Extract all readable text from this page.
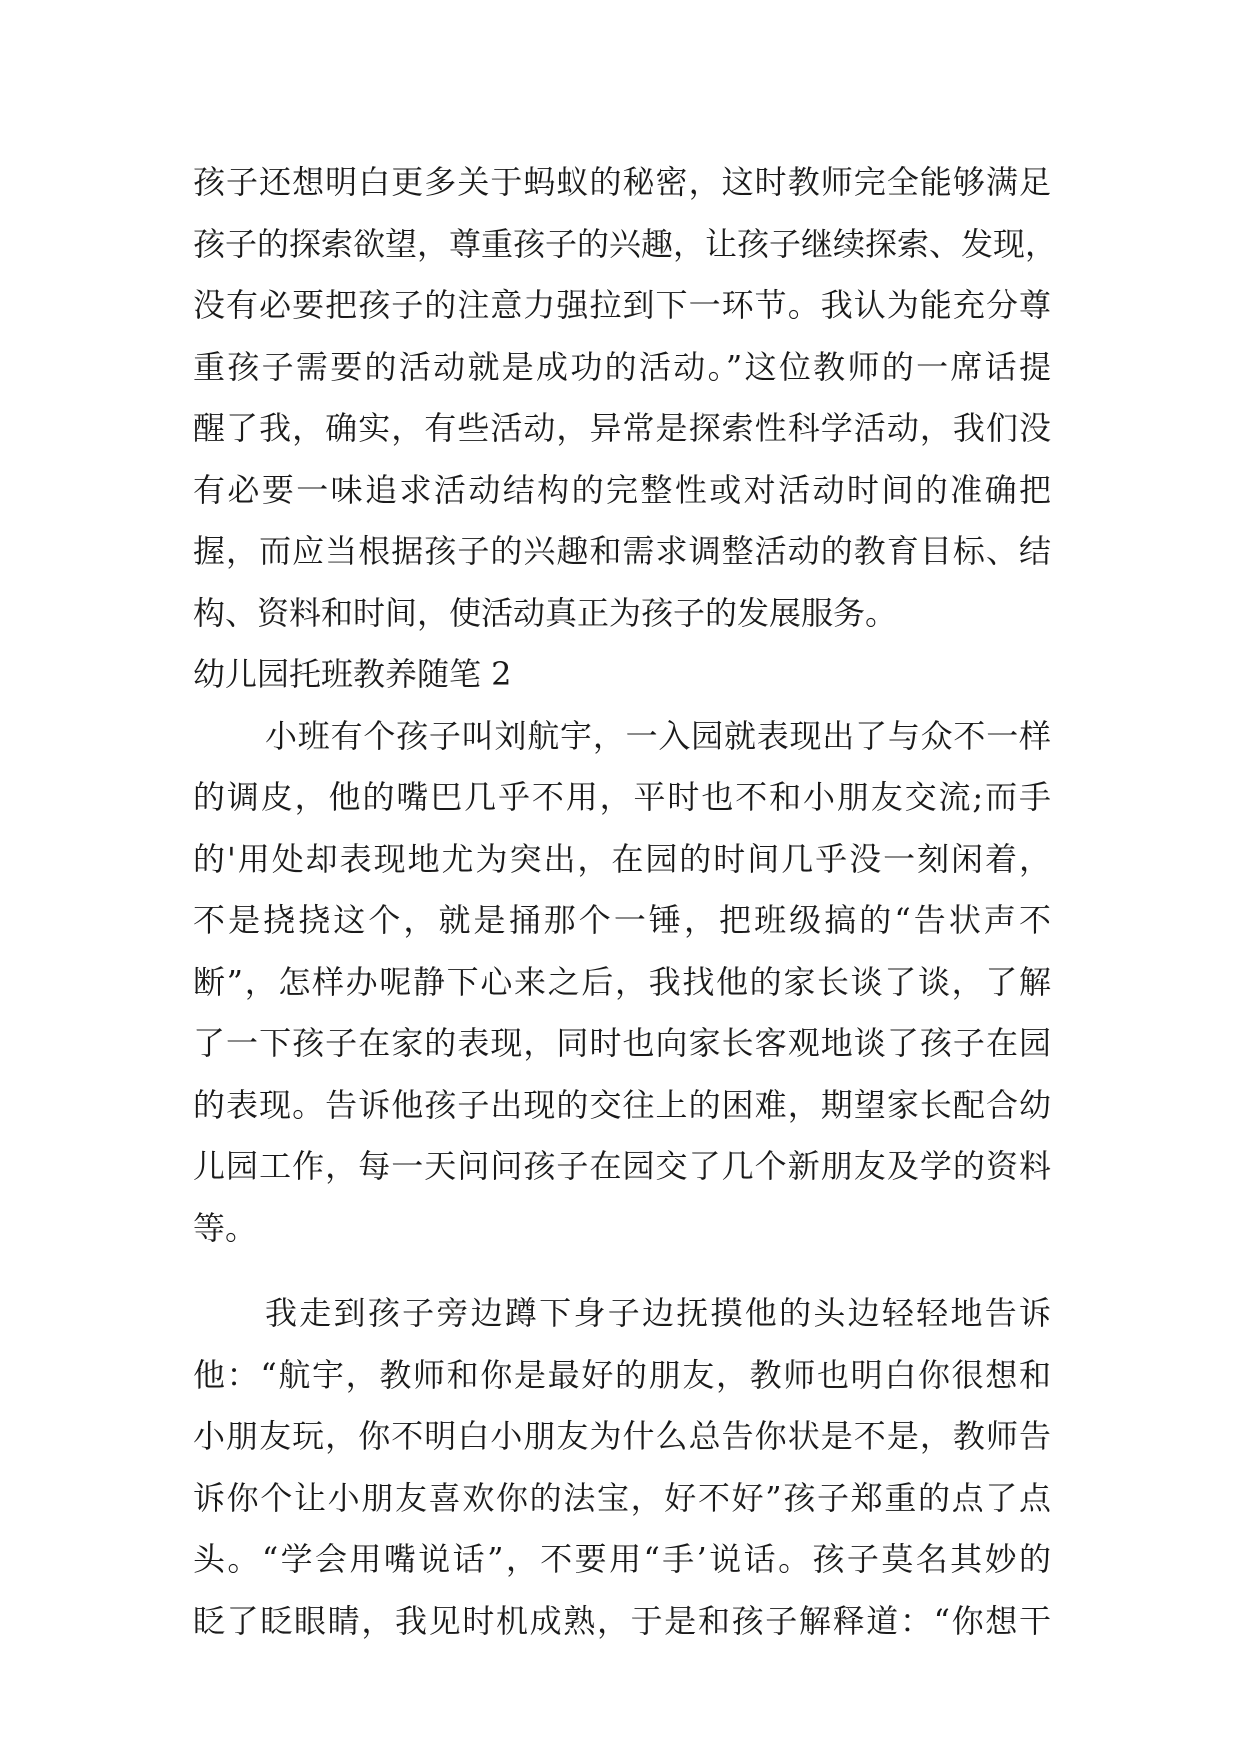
孩子还想明白更多关于蚂蚁的秘密，这时教师完全能够满足
孩子的探索欲望，尊重孩子的兴趣，让孩子继续探索、发现，
没有必要把孩子的注意力强拉到下一环节。我认为能充分尊
重孩子需要的活动就是成功的活动。”这位教师的一席话提
醒了我，确实，有些活动，异常是探索性科学活动，我们没
有必要一味追求活动结构的完整性或对活动时间的准确把
握，而应当根据孩子的兴趣和需求调整活动的教育目标、结
构、资料和时间，使活动真正为孩子的发展服务。
幼儿园托班教养随笔 2
小班有个孩子叫刘航宇，一入园就表现出了与众不一样
的调皮，他的嘴巴几乎不用，平时也不和小朋友交流;而手
的'用处却表现地尤为突出，在园的时间几乎没一刻闲着，
不是挠挠这个，就是捅那个一锤，把班级搞的“告状声不
断”，怎样办呢静下心来之后，我找他的家长谈了谈，了解
了一下孩子在家的表现，同时也向家长客观地谈了孩子在园
的表现。告诉他孩子出现的交往上的困难，期望家长配合幼
儿园工作，每一天问问孩子在园交了几个新朋友及学的资料
等。
我走到孩子旁边蹲下身子边抚摸他的头边轻轻地告诉
他：“航宇，教师和你是最好的朋友，教师也明白你很想和
小朋友玩，你不明白小朋友为什么总告你状是不是，教师告
诉你个让小朋友喜欢你的法宝，好不好”孩子郑重的点了点
头。“学会用嘴说话”，不要用“手’说话。孩子莫名其妙的
眨了眨眼睛，我见时机成熟，于是和孩子解释道：“你想干
